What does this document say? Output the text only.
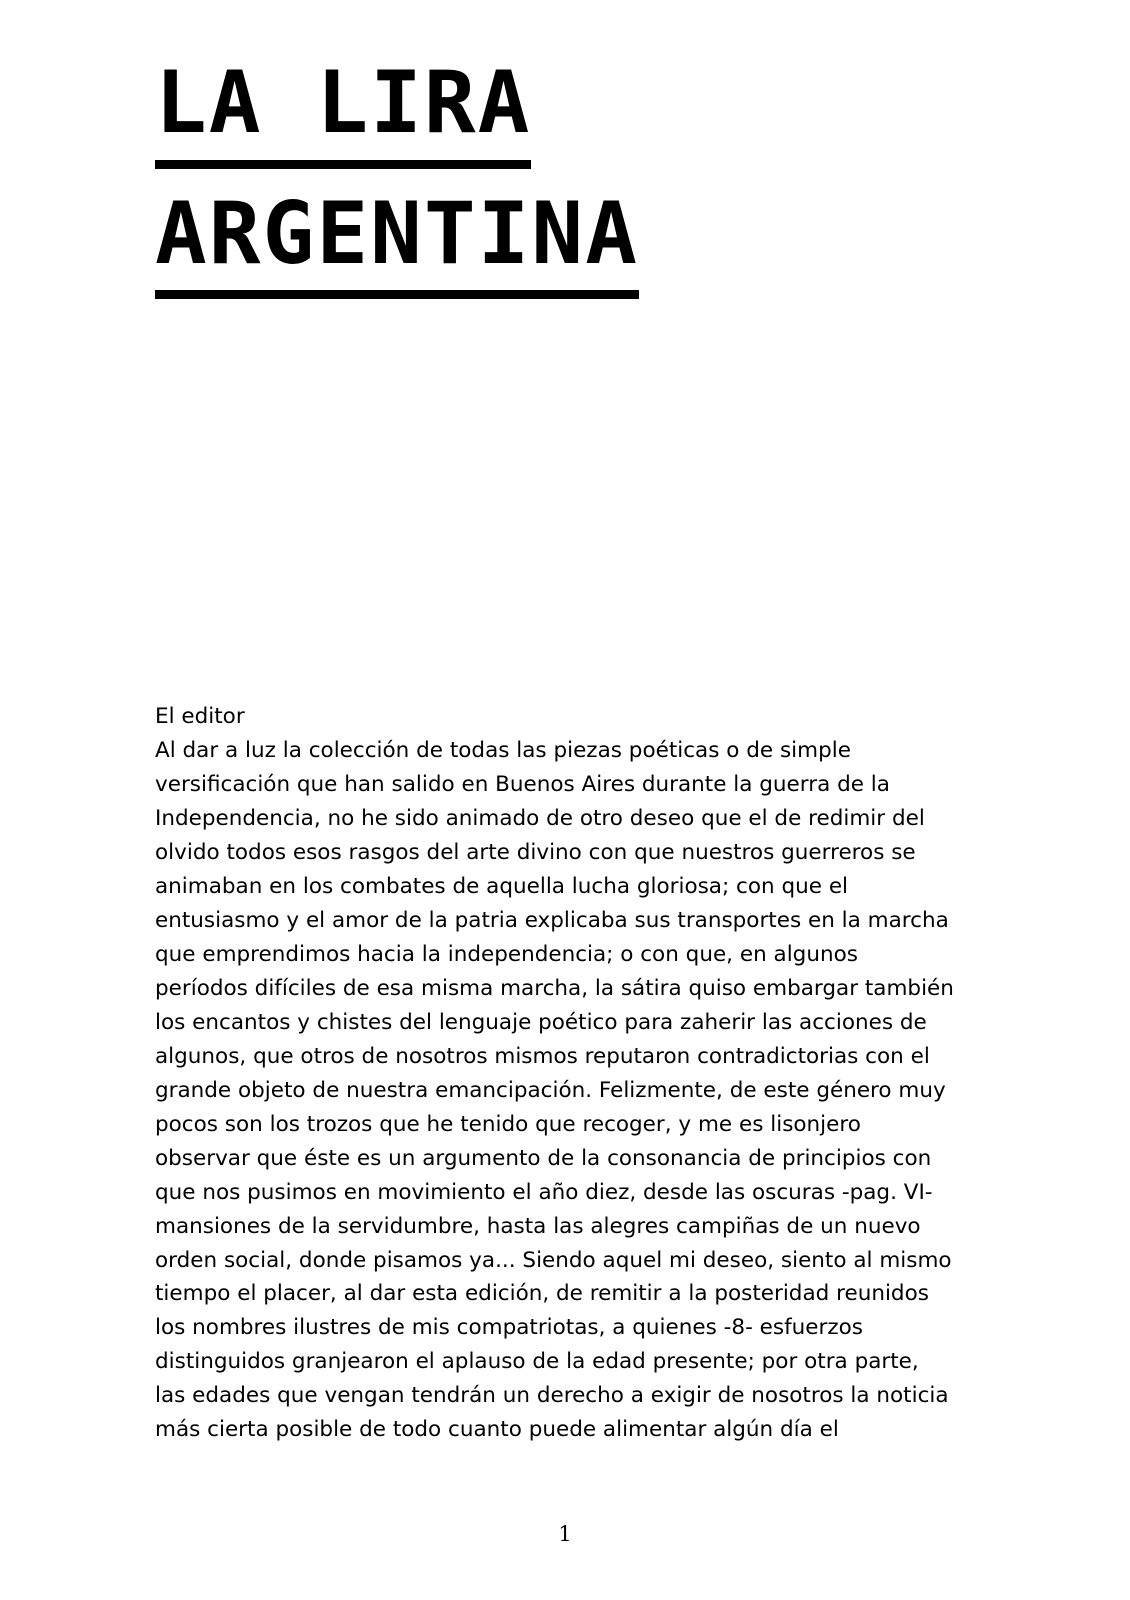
LA LIRA
ARGENTINA

El editor

Al dar a luz la colección de todas las piezas poéticas o de simple versificación que han salido en Buenos Aires durante la guerra de la Independencia, no he sido animado de otro deseo que el de redimir del olvido todos esos rasgos del arte divino con que nuestros guerreros se animaban en los combates de aquella lucha gloriosa; con que el entusiasmo y el amor de la patria explicaba sus transportes en la marcha que emprendimos hacia la independencia; o con que, en algunos períodos difíciles de esa misma marcha, la sátira quiso embargar también los encantos y chistes del lenguaje poético para zaherir las acciones de algunos, que otros de nosotros mismos reputaron contradictorias con el grande objeto de nuestra emancipación. Felizmente, de este género muy pocos son los trozos que he tenido que recoger, y me es lisonjero observar que éste es un argumento de la consonancia de principios con que nos pusimos en movimiento el año diez, desde las oscuras -pag. VI- mansiones de la servidumbre, hasta las alegres campiñas de un nuevo orden social, donde pisamos ya... Siendo aquel mi deseo, siento al mismo tiempo el placer, al dar esta edición, de remitir a la posteridad reunidos los nombres ilustres de mis compatriotas, a quienes -8- esfuerzos distinguidos granjearon el aplauso de la edad presente; por otra parte, las edades que vengan tendrán un derecho a exigir de nosotros la noticia más cierta posible de todo cuanto puede alimentar algún día el

1
